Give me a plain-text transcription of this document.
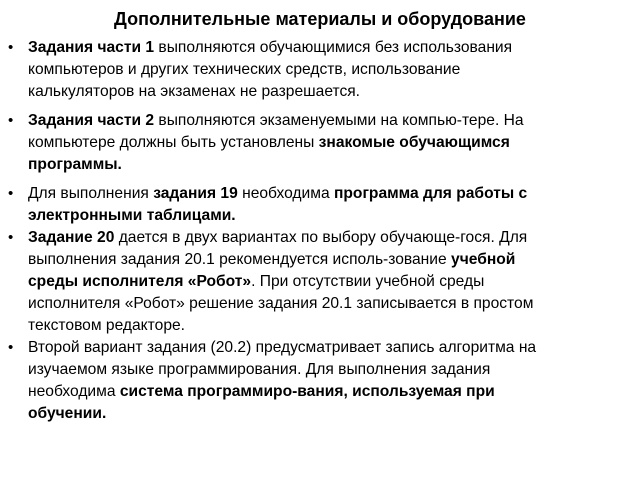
Дополнительные материалы и оборудование
• Задания части 1 выполняются обучающимися без использования
компьютеров и других технических средств, использование
калькуляторов на экзаменах не разрешается.
• Задания части 2 выполняются экзаменуемыми на компью-тере. На
компьютере должны быть установлены знакомые обучающимся
программы.
• Для выполнения задания 19 необходима программа для работы с
электронными таблицами.
• Задание 20 дается в двух вариантах по выбору обучающе-гося. Для
выполнения задания 20.1 рекомендуется исполь-зование учебной
среды исполнителя «Робот». При отсутствии учебной среды
исполнителя «Робот» решение задания 20.1 записывается в простом
текстовом редакторе.
• Второй вариант задания (20.2) предусматривает запись алгоритма на
изучаемом языке программирования. Для выполнения задания
необходима система программиро-вания, используемая при
обучении.
